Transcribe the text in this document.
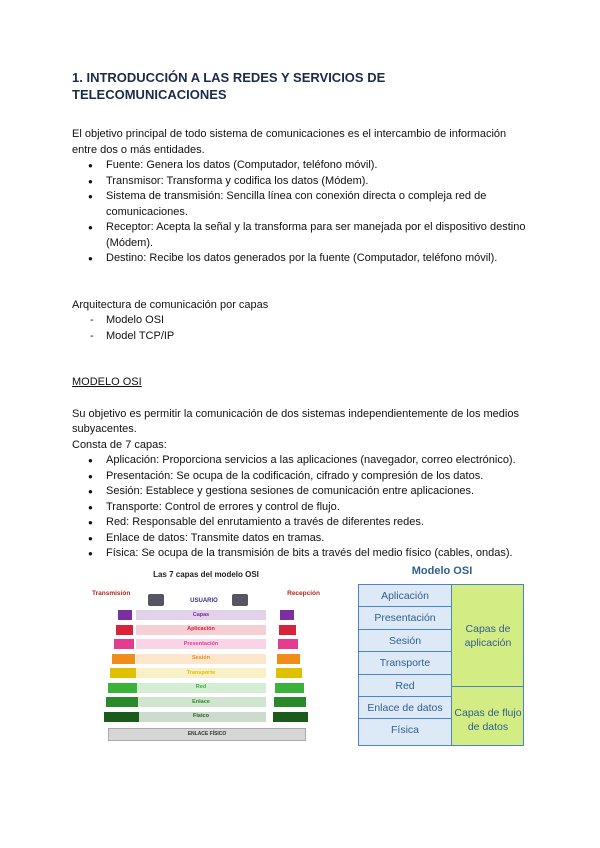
1. INTRODUCCIÓN A LAS REDES Y SERVICIOS DE TELECOMUNICACIONES

El objetivo principal de todo sistema de comunicaciones es el intercambio de información entre dos o más entidades.

● Fuente: Genera los datos (Computador, teléfono móvil).
● Transmisor: Transforma y codifica los datos (Módem).
● Sistema de transmisión: Sencilla línea con conexión directa o compleja red de comunicaciones.
● Receptor: Acepta la señal y la transforma para ser manejada por el dispositivo destino (Módem).
● Destino: Recibe los datos generados por la fuente (Computador, teléfono móvil).

Arquitectura de comunicación por capas

- Modelo OSI
- Model TCP/IP

MODELO OSI

Su objetivo es permitir la comunicación de dos sistemas independientemente de los medios subyacentes.

Consta de 7 capas:

● Aplicación: Proporciona servicios a las aplicaciones (navegador, correo electrónico).
● Presentación: Se ocupa de la codificación, cifrado y compresión de los datos.
● Sesión: Establece y gestiona sesiones de comunicación entre aplicaciones.
● Transporte: Control de errores y control de flujo.
● Red: Responsable del enrutamiento a través de diferentes redes.
● Enlace de datos: Transmite datos en tramas.
● Física: Se ocupa de la transmisión de bits a través del medio físico (cables, ondas).
Las 7 capas del modelo OSI
Transmisión	Recepción
USUARIO
Capas
Aplicación
Presentación
Sesión
Transporte
Red
Enlace
Físico
ENLACE FÍSICO
Modelo OSI
Aplicación
Presentación
Sesión
Transporte
Red
Enlace de datos
Física
Capas de aplicación
Capas de flujo de datos
